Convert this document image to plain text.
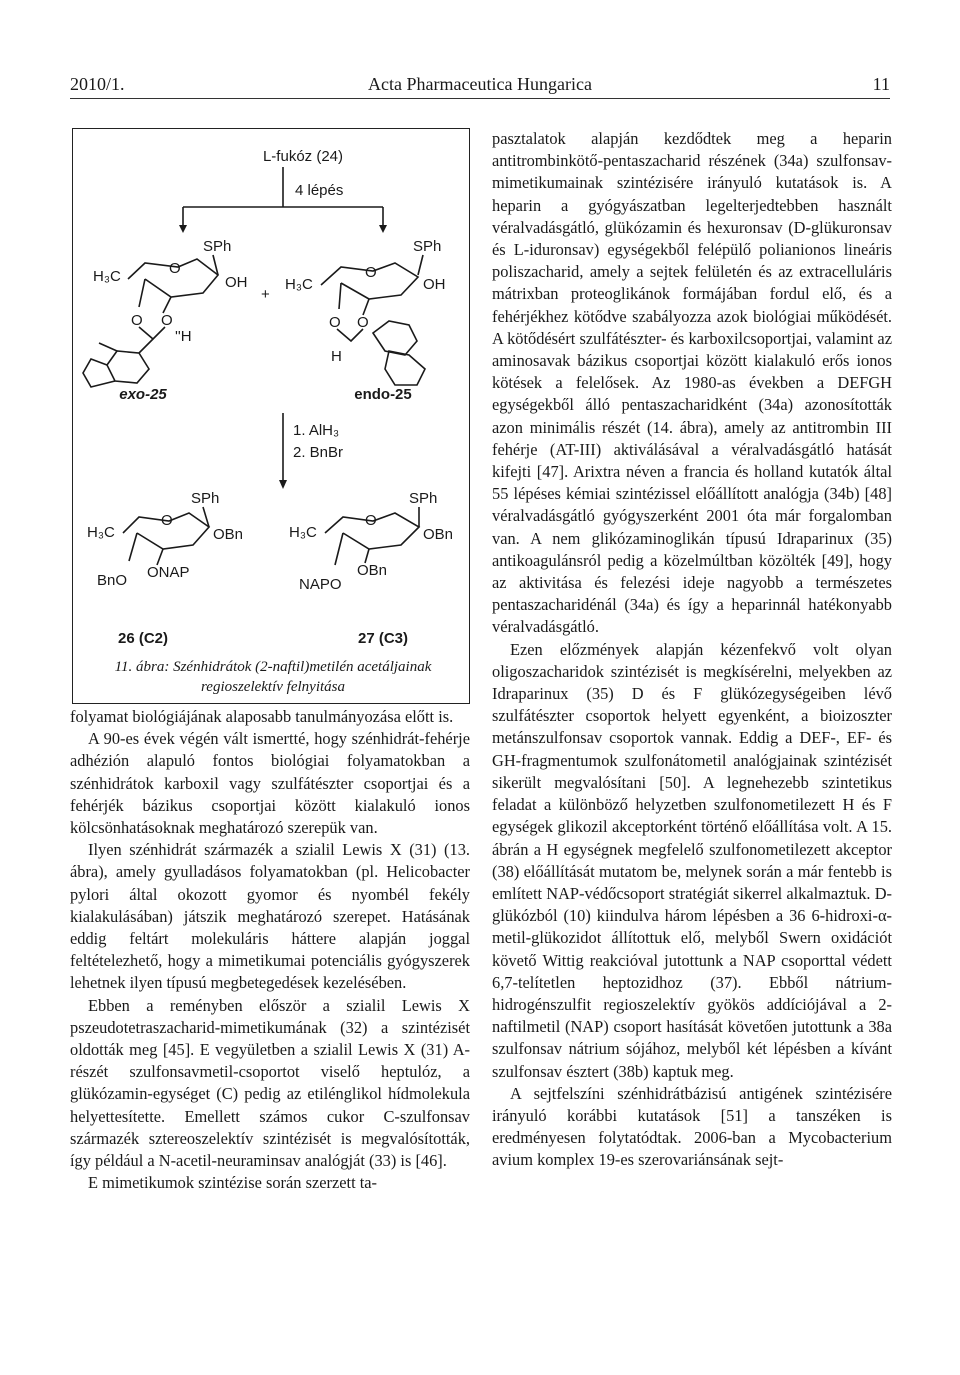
2010/1.	Acta Pharmaceutica Hungarica	11
L-fukóz (24)
4 lépés
SPh
H₃C	O
OH
O O
''H
+
SPh
H₃C
O
OH
O O
H
exo-25	endo-25
1. AlH₃
2. BnBr
SPh
H₃C
O
OBn
ONAP
BnO
SPh
H₃C
O
OBn
OBn
NAPO
26 (C2)	27 (C3)
11. ábra: Szénhidrátok (2-naftil)metilén acetáljainak
regioszelektív felnyitása

folyamat biológiájának alaposabb tanulmányozása előtt is.

A 90-es évek végén vált ismertté, hogy szénhidrát-fehérje adhézión alapuló fontos biológiai folyamatokban a szénhidrátok karboxil vagy szulfátészter csoportjai és a fehérjék bázikus csoportjai között kialakuló ionos kölcsönhatásoknak meghatározó szerepük van.

Ilyen szénhidrát származék a szialil Lewis X (31) (13. ábra), amely gyulladásos folyamatokban (pl. Helicobacter pylori által okozott gyomor és nyombél fekély kialakulásában) játszik meghatározó szerepet. Hatásának eddig feltárt molekuláris háttere alapján joggal feltételezhető, hogy a mimetikumai potenciális gyógyszerek lehetnek ilyen típusú megbetegedések kezelésében.

Ebben a reményben először a szialil Lewis X pszeudotetraszacharid-mimetikumának (32) a szintézisét oldották meg [45]. E vegyületben a szialil Lewis X (31) A-részét szulfonsavmetil-csoportot viselő heptulóz, a glükózamin-egységet (C) pedig az etilénglikol hídmolekula helyettesítette. Emellett számos cukor C-szulfonsav származék sztereoszelektív szintézisét is megvalósították, így például a N-acetil-neuraminsav analógját (33) is [46].

E mimetikumok szintézise során szerzett ta-

pasztalatok alapján kezdődtek meg a heparin antitrombinkötő-pentaszacharid részének (34a) szulfonsav-mimetikumainak szintézisére irányuló kutatások is. A heparin a gyógyászatban legelterjedtebben használt véralvadásgátló, glükózamin és hexuronsav (D-glükuronsav és L-iduronsav) egységekből felépülő polianionos lineáris poliszacharid, amely a sejtek felületén és az extracelluláris mátrixban proteoglikánok formájában fordul elő, és a fehérjékhez kötődve szabályozza azok biológiai működését. A kötődésért szulfátészter- és karboxilcsoportjai, valamint az aminosavak bázikus csoportjai között kialakuló erős ionos kötések a felelősek. Az 1980-as években a DEFGH egységekből álló pentaszacharidként (34a) azonosították azon minimális részét (14. ábra), amely az antitrombin III fehérje (AT-III) aktiválásával a véralvadásgátló hatását kifejti [47]. Arixtra néven a francia és holland kutatók által 55 lépéses kémiai szintézissel előállított analógja (34b) [48] véralvadásgátló gyógyszerként 2001 óta már forgalomban van. A nem glikózaminoglikán típusú Idraparinux (35) antikoagulánsról pedig a közelmúltban közölték [49], hogy az aktivitása és felezési ideje nagyobb a természetes pentaszacharidénál (34a) és így a heparinnál hatékonyabb véralvadásgátló.

Ezen előzmények alapján kézenfekvő volt olyan oligoszacharidok szintézisét is megkísérelni, melyekben az Idraparinux (35) D és F glükózegységeiben lévő szulfátészter csoportok helyett egyenként, a bioizoszter metánszulfonsav csoportok vannak. Eddig a DEF-, EF- és GH-fragmentumok szulfonátometil analógjainak szintézisét sikerült megvalósítani [50]. A legnehezebb szintetikus feladat a különböző helyzetben szulfonometilezett H és F egységek glikozil akceptorként történő előállítása volt. A 15. ábrán a H egységnek megfelelő szulfonometilezett akceptor (38) előállítását mutatom be, melynek során a már fentebb is említett NAP-védőcsoport stratégiát sikerrel alkalmaztuk. D-glükózból (10) kiindulva három lépésben a 36 6-hidroxi-α-metil-glükozidot állítottuk elő, melyből Swern oxidációt követő Wittig reakcióval jutottunk a NAP csoporttal védett 6,7-telítetlen heptozidhoz (37). Ebből nátrium-hidrogénszulfit regioszelektív gyökös addíciójával a 2-naftilmetil (NAP) csoport hasítását követően jutottunk a 38a szulfonsav nátrium sójához, melyből két lépésben a kívánt szulfonsav észtert (38b) kaptuk meg.

A sejtfelszíni szénhidrátbázisú antigének szintézisére irányuló korábbi kutatások [51] a tanszéken is eredményesen folytatódtak. 2006-ban a Mycobacterium avium komplex 19-es szerovariánsának sejt-
